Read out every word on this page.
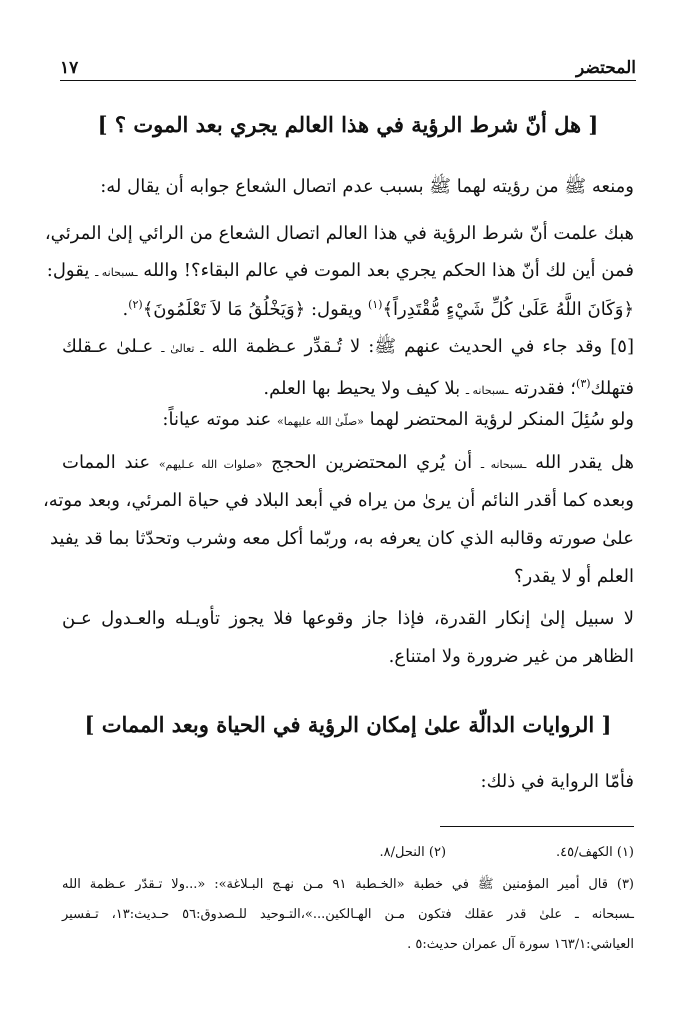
المحتضر
١٧
[ هل أنّ شرط الرؤية في هذا العالم يجري بعد الموت ؟ ]
ومنعه ﷺ من رؤيته لهما ﷺ بسبب عدم اتصال الشعاع جوابه أن يقال له:
هبك علمت أنّ شرط الرؤية في هذا العالم اتصال الشعاع من الرائي إلىٰ المرئي،
فمن أين لك أنّ هذا الحكم يجري بعد الموت في عالم البقاء؟! والله ـسبحانه ـ يقول:
﴿وَكَانَ اللَّهُ عَلَىٰ كُلِّ شَيْءٍ مُّقْتَدِراً﴾$^{(١)}$ ويقول: ﴿وَيَخْلُقُ مَا لاَ تَعْلَمُونَ﴾$^{(٢)}$.
[٥] وقد جاء في الحديث عنهم ﷺ: لا تُـقدِّر عـظمة الله ـ تعالىٰ ـ عـلىٰ عـقلك
فتهلك$^{(٣)}$؛ فقدرته ـسبحانه ـ بلا كيف ولا يحيط بها العلم.
ولو سُئِلَ المنكر لرؤية المحتضر لهما «صلّىٰ الله عليهما» عند موته عياناً:
هل يقدر الله ـسبحانه ـ أن يُري المحتضرين الحجج «صلوات الله عـليهم» عند الممات
وبعده كما أقدر النائم أن يرىٰ من يراه في أبعد البلاد في حياة المرئي، وبعد موته،
علىٰ صورته وقالبه الذي كان يعرفه به، وربّما أكل معه وشرب وتحدّثا بما قد يفيد
العلم أو لا يقدر؟
لا سبيل إلىٰ إنكار القدرة، فإذا جاز وقوعها فلا يجوز تأويـله والعـدول عـن
الظاهر من غير ضرورة ولا امتناع.
[ الروايات الدالّة علىٰ إمكان الرؤية في الحياة وبعد الممات ]
فأمّا الرواية في ذلك:
(١) الكهف/٤٥.
(٢) النحل/٨.
(٣) قال أمير المؤمنين ﷺ في خطبة «الخـطبة ٩١ مـن نهـج البـلاغة»: «...ولا تـقدّر عـظمة الله
ـسبحانه ـ علىٰ قدر عقلك فتكون مـن الهـالكين...»،التـوحيد للـصدوق:٥٦ حـديث:١٣، تـفسير
العياشي:١٦٣/١ سورة آل عمران حديث:٥ .
